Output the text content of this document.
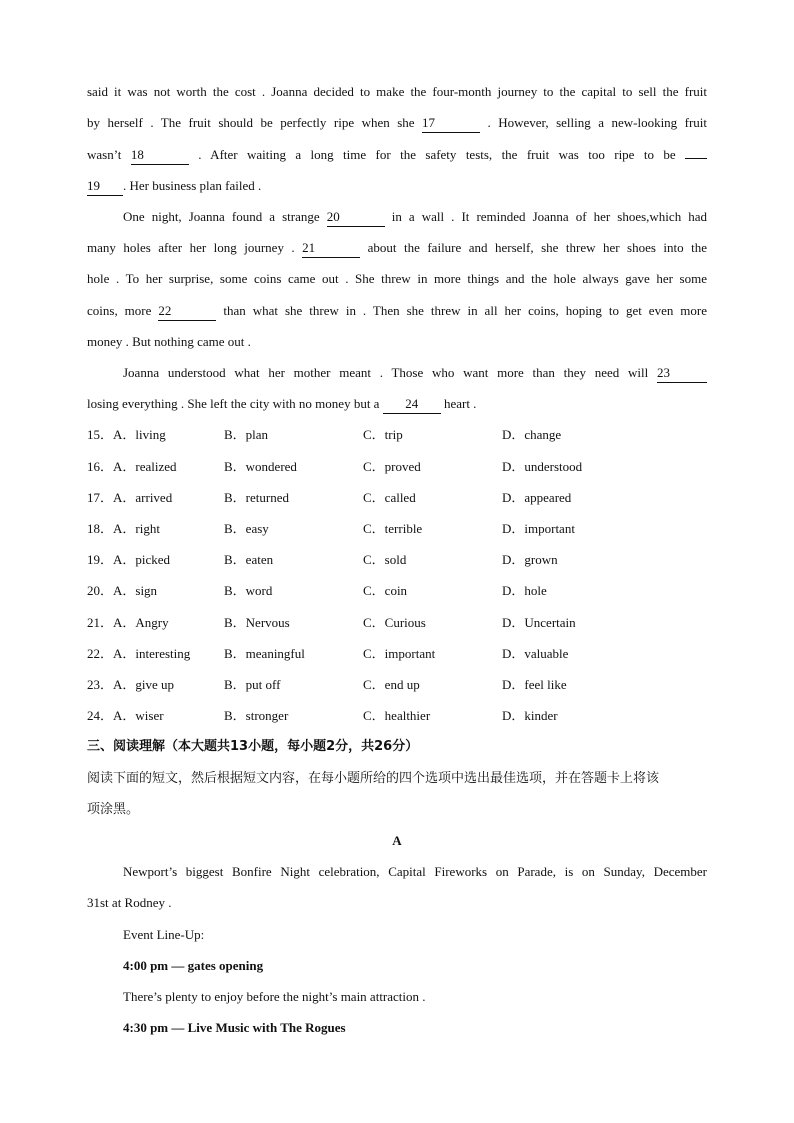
said it was not worth the cost . Joanna decided to make the four-month journey to the capital to sell the fruit
by herself . The fruit should be perfectly ripe when she 17	. However, selling a new-looking fruit
wasn’t 18	. After waiting a long time for the safety tests, the fruit was too ripe to be
19 . Her business plan failed .
One night, Joanna found a strange 20	in a wall . It reminded Joanna of her shoes,which had
many holes after her long journey . 21	about the failure and herself, she threw her shoes into the
hole . To her surprise, some coins came out . She threw in more things and the hole always gave her some
coins, more 22	than what she threw in . Then she threw in all her coins, hoping to get even more
money . But nothing came out .
Joanna understood what her mother meant . Those who want more than they need will 23
losing everything . She left the city with no money but a 24 heart .
15．A．living	B．plan	C．trip	D．change
16．A．realized	B．wondered	C．proved	D．understood
17．A．arrived	B．returned	C．called	D．appeared
18．A．right	B．easy	C．terrible	D．important
19．A．picked	B．eaten	C．sold	D．grown
20．A．sign	B．word	C．coin	D．hole
21．A．Angry	B．Nervous	C．Curious	D．Uncertain
22．A．interesting	B．meaningful	C．important	D．valuable
23．A．give up	B．put off	C．end up	D．feel like
24．A．wiser	B．stronger	C．healthier	D．kinder
三、阅读理解（本大题共13小题，每小题2分，共26分）
阅读下面的短文，然后根据短文内容，在每小题所给的四个选项中选出最佳选项，并在答题卡上将该
项涂黑。
A
Newport’s biggest Bonfire Night celebration, Capital Fireworks on Parade, is on Sunday, December
31st at Rodney .
Event Line-Up:
4:00 pm — gates opening
There’s plenty to enjoy before the night’s main attraction .
4:30 pm — Live Music with The Rogues
